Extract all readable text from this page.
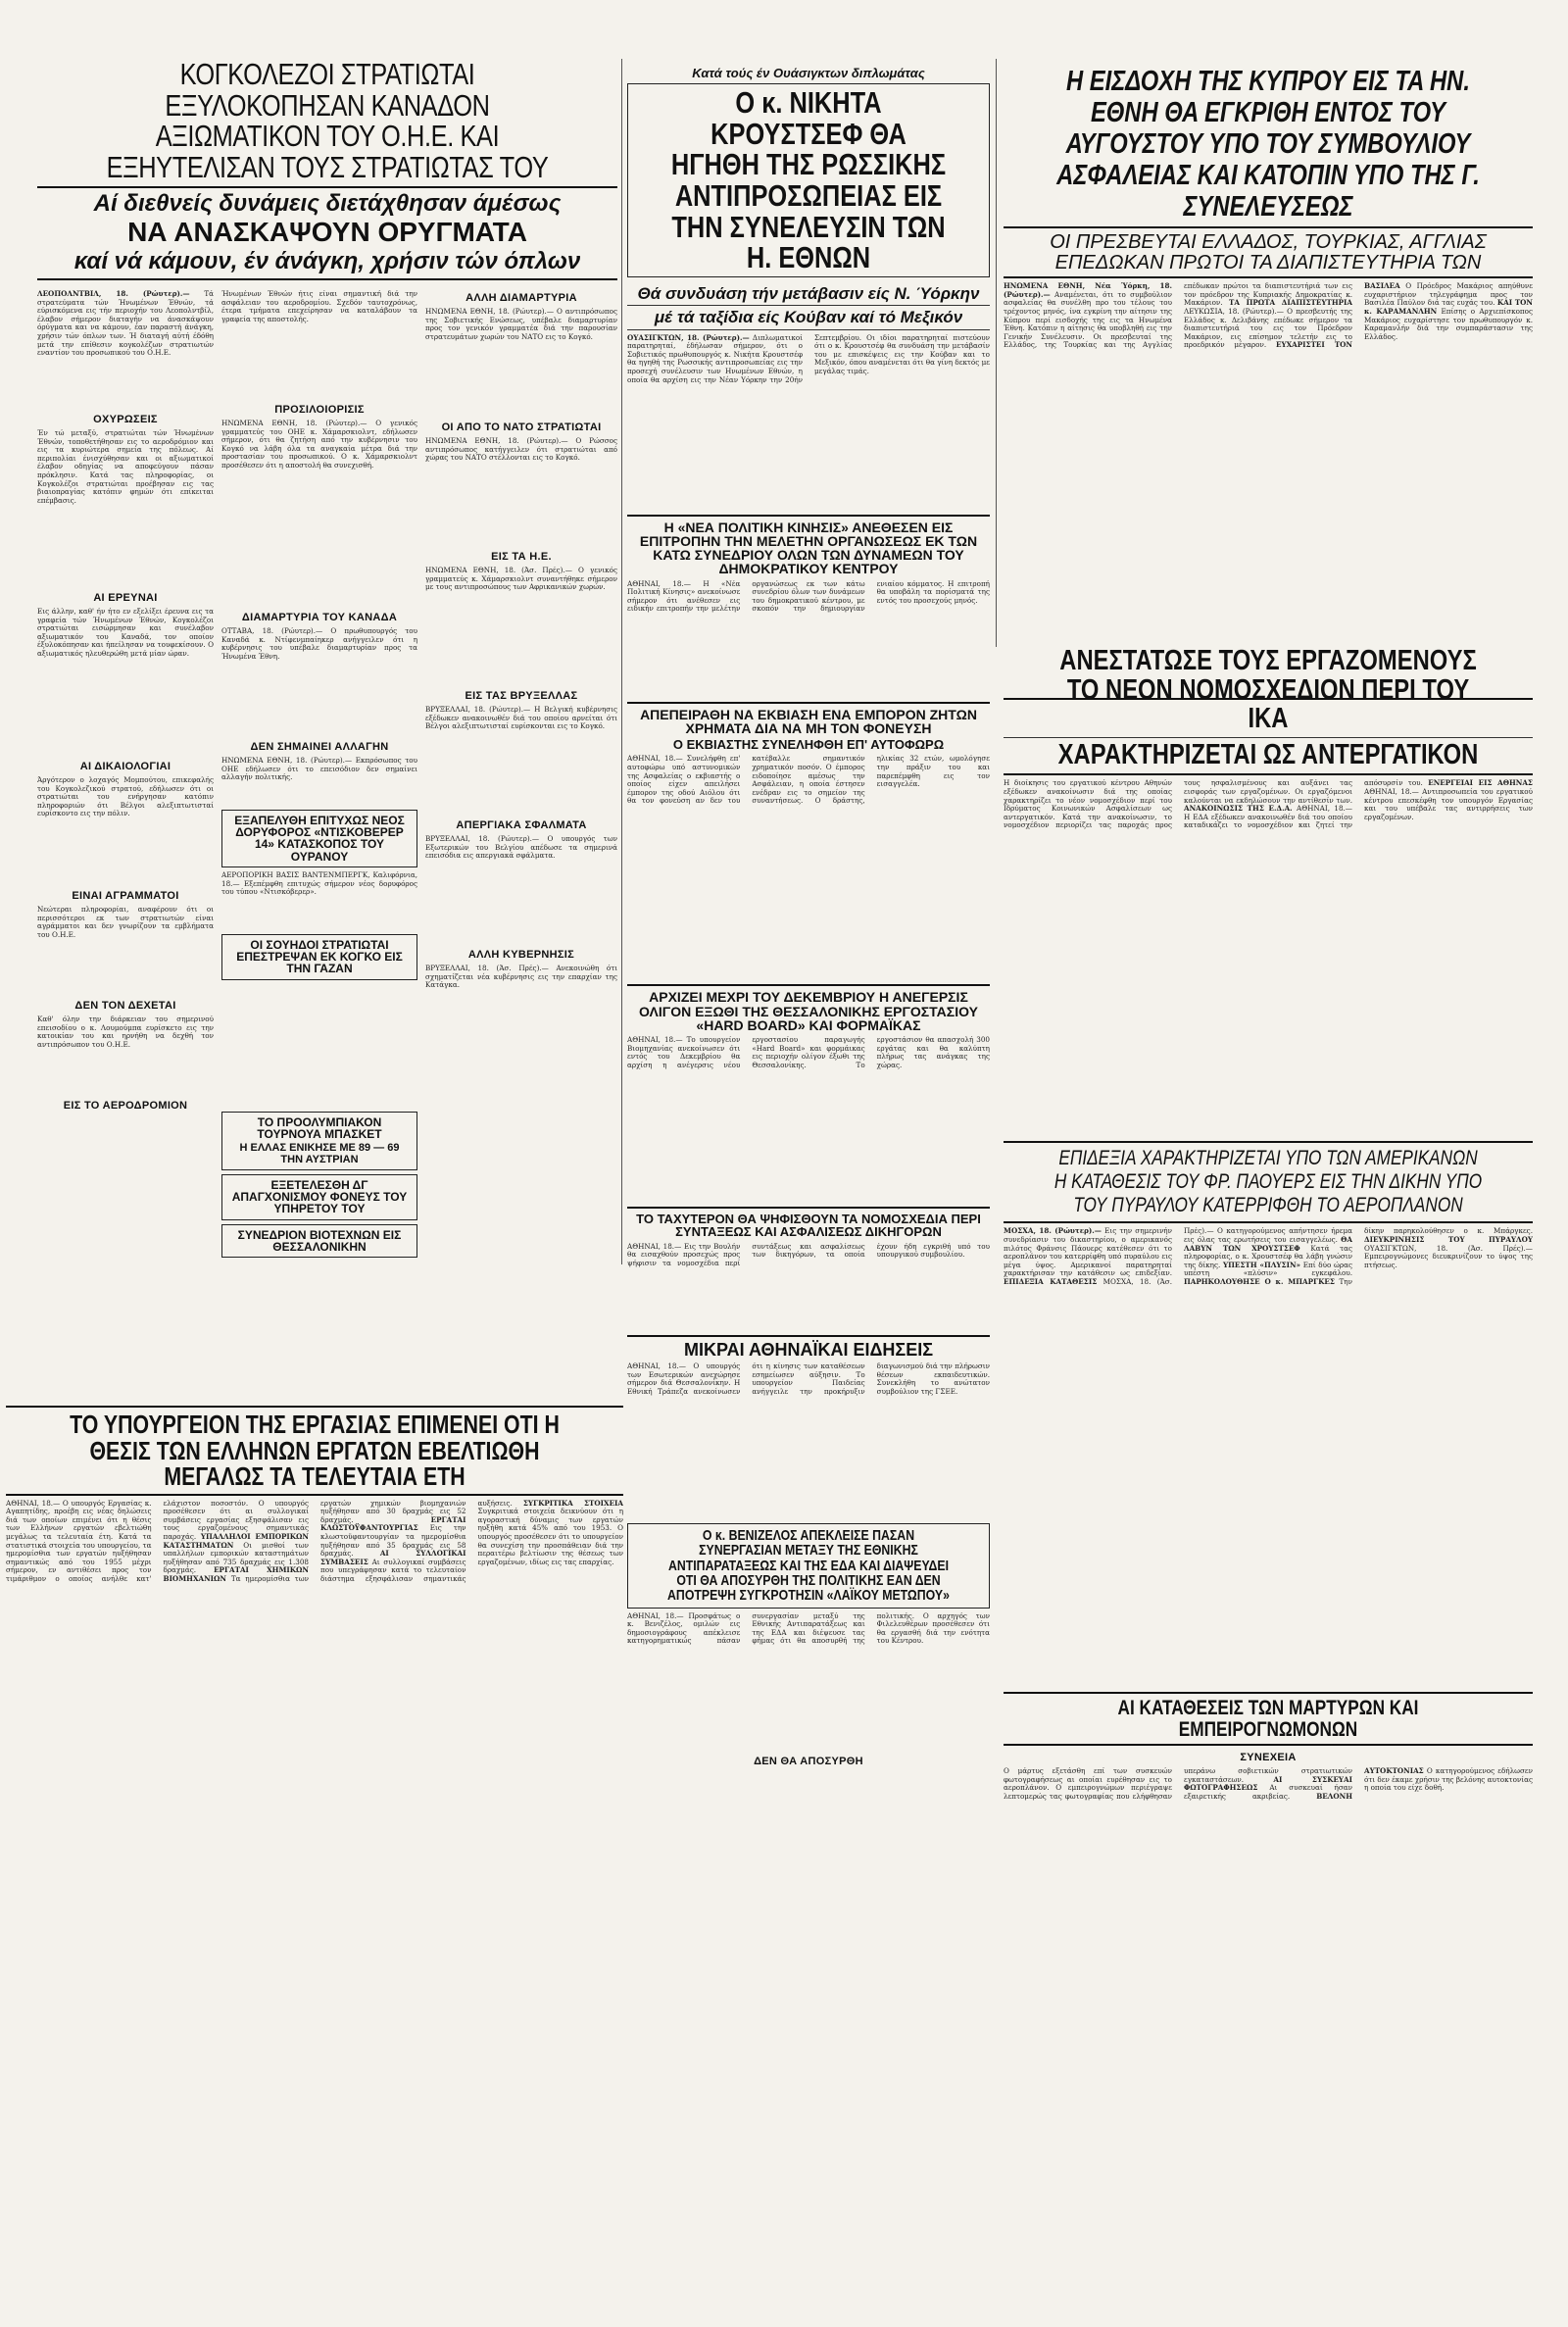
ΚΟΓΚΟΛΕΖΟΙ ΣΤΡΑΤΙΩΤΑΙ ΕΞΥΛΟΚΟΠΗΣΑΝ ΚΑΝΑΔΟΝ ΑΞΙΩΜΑΤΙΚΟΝ ΤΟΥ Ο.Η.Ε. ΚΑΙ ΕΞΗΥΤΕΛΙΣΑΝ ΤΟΥΣ ΣΤΡΑΤΙΩΤΑΣ ΤΟΥ
Αί διεθνείς δυνάμεις διετάχθησαν άμέσως
ΝΑ ΑΝΑΣΚΑΨΟΥΝ ΟΡΥΓΜΑΤΑ
καί νά κάμουν, έν άνάγκη, χρήσιν τών όπλων
ΛΕΟΠΟΛΝΤΒΙΛ, 18. (Ρώυτερ).— Τά στρατεύματα τών Ήνωμένων Έθνών, τά εύρισκόμενα εις τήν περιοχήν του Λεοπολντβίλ, έλαβον σήμερον διαταγήν να άνασκάψουν όρύγματα και να κάμουν, έαν παραστή άνάγκη, χρήσιν τών όπλων των. Ή διαταγή αύτή έδόθη μετά την επίθεσιν κογκολέζων στρατιωτών εναντίον του προσωπικού του Ο.Η.Ε.
ΟΧΥΡΩΣΕΙΣ
Έν τώ μεταξύ, στρατιώται τών Ήνωμένων Έθνών, τοποθετήθησαν εις το αεροδρόμιον και εις τα κυριώτερα σημεία της πόλεως. Αί περιπολίαι ένισχύθησαν και οι αξιωματικοί έλαβον οδηγίας να αποφεύγουν πάσαν πρόκλησιν. Κατά τας πληροφορίας, οι Κογκολέζοι στρατιώται προέβησαν εις τας βιαιοπραγίας κατόπιν φημών ότι επίκειται επέμβασις.
ΑΙ ΕΡΕΥΝΑΙ
Εις άλλην, καθ' ήν ήτο εν εξελίξει έρευνα εις τα γραφεία τών Ήνωμένων Έθνών, Κογκολέζοι στρατιώται εισώρμησαν και συνέλαβον αξιωματικόν του Καναδά, τον οποίον έξυλοκόπησαν και ήπείλησαν να τουφεκίσουν. Ο αξιωματικός ηλευθερώθη μετά μίαν ώραν.
ΑΙ ΔΙΚΑΙΟΛΟΓΙΑΙ
Άργότερον ο λοχαγός Μομπούτου, επικεφαλής του Κογκολεζικού στρατού, εδήλωσεν ότι οι στρατιώται του ενήργησαν κατόπιν πληροφοριών ότι Βέλγοι αλεξιπτωτισταί ευρίσκοντο εις την πόλιν.
ΕΙΝΑΙ ΑΓΡΑΜΜΑΤΟΙ
Νεώτεραι πληροφορίαι, αναφέρουν ότι οι περισσότεροι εκ των στρατιωτών είναι αγράμματοι και δεν γνωρίζουν τα εμβλήματα του Ο.Η.Ε.
ΔΕΝ ΤΟΝ ΔΕΧΕΤΑΙ
Καθ' όλην την διάρκειαν του σημερινού επεισοδίου ο κ. Λουμούμπα ευρίσκετο εις την κατοικίαν του και ηρνήθη να δεχθή τον αντιπρόσωπον του Ο.Η.Ε.
ΕΙΣ ΤΟ ΑΕΡΟΔΡΟΜΙΟΝ
Ήνωμένων Έθνών ήτις είναι σημαντική διά την ασφάλειαν του αεροδρομίου. Σχεδόν ταυτοχρόνως, έτερα τμήματα επεχείρησαν να καταλάβουν τα γραφεία της αποστολής.
ΠΡΟΣΙΛΟΙΟΡΙΣΙΣ
ΗΝΩΜΕΝΑ ΕΘΝΗ, 18. (Ρώυτερ).— Ο γενικός γραμματεύς του ΟΗΕ κ. Χάμαρσκιολντ, εδήλωσεν σήμερον, ότι θα ζητήση από την κυβέρνησιν του Κογκό να λάβη όλα τα αναγκαία μέτρα διά την προστασίαν του προσωπικού. Ο κ. Χάμαρσκιολντ προσέθεσεν ότι η αποστολή θα συνεχισθή.
ΔΙΑΜΑΡΤΥΡΙΑ ΤΟΥ ΚΑΝΑΔΑ
ΟΤΤΑΒΑ, 18. (Ρώυτερ).— Ο πρωθυπουργός του Καναδά κ. Ντίφενμπαίηκερ ανήγγειλεν ότι η κυβέρνησις του υπέβαλε διαμαρτυρίαν προς τα Ήνωμένα Έθνη.
ΔΕΝ ΣΗΜΑΙΝΕΙ ΑΛΛΑΓΗΝ
ΗΝΩΜΕΝΑ ΕΘΝΗ, 18. (Ρώυτερ).— Εκπρόσωπος του ΟΗΕ εδήλωσεν ότι το επεισόδιον δεν σημαίνει αλλαγήν πολιτικής.
ΕΞΑΠΕΛΥΘΗ ΕΠΙΤΥΧΩΣ ΝΕΟΣ ΔΟΡΥΦΟΡΟΣ «ΝΤΙΣΚΟΒΕΡΕΡ 14» ΚΑΤΑΣΚΟΠΟΣ ΤΟΥ ΟΥΡΑΝΟΥ
ΑΕΡΟΠΟΡΙΚΗ ΒΑΣΙΣ ΒΑΝΤΕΝΜΠΕΡΓΚ, Καλιφόρνια, 18.— Εξεπέμφθη επιτυχώς σήμερον νέος δορυφόρος του τύπου «Ντισκόβερερ».
ΟΙ ΣΟΥΗΔΟΙ ΣΤΡΑΤΙΩΤΑΙ ΕΠΕΣΤΡΕΨΑΝ ΕΚ ΚΟΓΚΟ ΕΙΣ ΤΗΝ ΓΑΖΑΝ
ΤΟ ΠΡΟΟΛΥΜΠΙΑΚΟΝ ΤΟΥΡΝΟΥΑ ΜΠΑΣΚΕΤ
Η ΕΛΛΑΣ ΕΝΙΚΗΣΕ ΜΕ 89 — 69 ΤΗΝ ΑΥΣΤΡΙΑΝ
ΕΞΕΤΕΛΕΣΘΗ ΔΓ ΑΠΑΓΧΟΝΙΣΜΟΥ ΦΟΝΕΥΣ ΤΟΥ ΥΠΗΡΕΤΟΥ ΤΟΥ
ΣΥΝΕΔΡΙΟΝ ΒΙΟΤΕΧΝΩΝ ΕΙΣ ΘΕΣΣΑΛΟΝΙΚΗΝ
Κατά τούς έν Ουάσιγκτων διπλωμάτας
Ο κ. ΝΙΚΗΤΑ ΚΡΟΥΣΤΣΕΦ ΘΑ ΗΓΗΘΗ ΤΗΣ ΡΩΣΣΙΚΗΣ ΑΝΤΙΠΡΟΣΩΠΕΙΑΣ ΕΙΣ ΤΗΝ ΣΥΝΕΛΕΥΣΙΝ ΤΩΝ Η. ΕΘΝΩΝ
Θά συνδυάση τήν μετάβασιν είς Ν. Ύόρκην
μέ τά ταξίδια είς Κούβαν καί τό Μεξικόν
ΟΥΑΣΙΓΚΤΩΝ, 18. (Ρώυτερ).— Διπλωματικοί παρατηρηταί, έδήλωσαν σήμερον, ότι ο Σοβιετικός πρωθυπουργός κ. Νικήτα Κρουστσέφ θα ηγηθή της Ρωσσικής αντιπροσωπείας εις την προσεχή συνέλευσιν των Ηνωμένων Εθνών, η οποία θα αρχίση εις την Νέαν Υόρκην την 20ήν Σεπτεμβρίου. Οι ιδίοι παρατηρηταί πιστεύουν ότι ο κ. Κρουστσέφ θα συνδυάση την μετάβασίν του με επισκέψεις εις την Κούβαν και το Μεξικόν, όπου αναμένεται ότι θα γίνη δεκτός με μεγάλας τιμάς.
Η «ΝΕΑ ΠΟΛΙΤΙΚΗ ΚΙΝΗΣΙΣ» ΑΝΕΘΕΣΕΝ ΕΙΣ ΕΠΙΤΡΟΠΗΝ ΤΗΝ ΜΕΛΕΤΗΝ ΟΡΓΑΝΩΣΕΩΣ ΕΚ ΤΩΝ ΚΑΤΩ ΣΥΝΕΔΡΙΟΥ ΟΛΩΝ ΤΩΝ ΔΥΝΑΜΕΩΝ ΤΟΥ ΔΗΜΟΚΡΑΤΙΚΟΥ ΚΕΝΤΡΟΥ
ΑΘΗΝΑΙ, 18.— Η «Νέα Πολιτική Κίνησις» ανεκοίνωσε σήμερον ότι ανέθεσεν εις ειδικήν επιτροπήν την μελέτην οργανώσεως εκ των κάτω συνεδρίου όλων των δυνάμεων του δημοκρατικού κέντρου, με σκοπόν την δημιουργίαν ενιαίου κόμματος. Η επιτροπή θα υποβάλη τα πορίσματά της εντός του προσεχούς μηνός.
ΑΠΕΠΕΙΡΑΘΗ ΝΑ ΕΚΒΙΑΣΗ ΕΝΑ ΕΜΠΟΡΟΝ ΖΗΤΩΝ ΧΡΗΜΑΤΑ ΔΙΑ ΝΑ ΜΗ ΤΟΝ ΦΟΝΕΥΣΗ
Ο ΕΚΒΙΑΣΤΗΣ ΣΥΝΕΛΗΦΘΗ ΕΠ' ΑΥΤΟΦΩΡΩ
ΑΘΗΝΑΙ, 18.— Συνελήφθη επ' αυτοφώρω υπό αστυνομικών της Ασφαλείας ο εκβιαστής ο οποίος είχεν απειλήσει έμπορον της οδού Αιόλου ότι θα τον φονεύση αν δεν του κατέβαλλε σημαντικόν χρηματικόν ποσόν. Ο έμπορος ειδοποίησε αμέσως την Ασφάλειαν, η οποία έστησεν ενέδραν εις το σημείον της συναντήσεως. Ο δράστης, ηλικίας 32 ετών, ωμολόγησε την πράξιν του και παρεπέμφθη εις τον εισαγγελέα.
ΑΡΧΙΖΕΙ ΜΕΧΡΙ ΤΟΥ ΔΕΚΕΜΒΡΙΟΥ Η ΑΝΕΓΕΡΣΙΣ ΟΛΙΓΟΝ ΕΞΩΘΙ ΤΗΣ ΘΕΣΣΑΛΟΝΙΚΗΣ ΕΡΓΟΣΤΑΣΙΟΥ «HARD BOARD» ΚΑΙ ΦΟΡΜΑΪΚΑΣ
ΑΘΗΝΑΙ, 18.— Το υπουργείον Βιομηχανίας ανεκοίνωσεν ότι εντός του Δεκεμβρίου θα αρχίση η ανέγερσις νέου εργοστασίου παραγωγής «Hard Board» και φορμάικας εις περιοχήν ολίγον έξωθι της Θεσσαλονίκης. Το εργοστάσιον θα απασχολή 300 εργάτας και θα καλύπτη πλήρως τας ανάγκας της χώρας.
ΤΟ ΤΑΧΥΤΕΡΟΝ ΘΑ ΨΗΦΙΣΘΟΥΝ ΤΑ ΝΟΜΟΣΧΕΔΙΑ ΠΕΡΙ ΣΥΝΤΑΞΕΩΣ ΚΑΙ ΑΣΦΑΛΙΣΕΩΣ ΔΙΚΗΓΟΡΩΝ
ΑΘΗΝΑΙ, 18.— Εις την Βουλήν θα εισαχθούν προσεχώς προς ψήφισιν τα νομοσχέδια περί συντάξεως και ασφαλίσεως των δικηγόρων, τα οποία έχουν ήδη εγκριθή υπό του υπουργικού συμβουλίου.
ΜΙΚΡΑΙ ΑΘΗΝΑΪΚΑΙ ΕΙΔΗΣΕΙΣ
ΑΘΗΝΑΙ, 18.— Ο υπουργός των Εσωτερικών ανεχώρησε σήμερον διά Θεσσαλονίκην. Η Εθνική Τράπεζα ανεκοίνωσεν ότι η κίνησις των καταθέσεων εσημείωσεν αύξησιν. Το υπουργείον Παιδείας ανήγγειλε την προκήρυξιν διαγωνισμού διά την πλήρωσιν θέσεων εκπαιδευτικών. Συνεκλήθη το ανώτατον συμβούλιον της ΓΣΕΕ.
Ο κ. ΒΕΝΙΖΕΛΟΣ ΑΠΕΚΛΕΙΣΕ ΠΑΣΑΝ ΣΥΝΕΡΓΑΣΙΑΝ ΜΕΤΑΞΥ ΤΗΣ ΕΘΝΙΚΗΣ ΑΝΤΙΠΑΡΑΤΑΞΕΩΣ ΚΑΙ ΤΗΣ ΕΔΑ ΚΑΙ ΔΙΑΨΕΥΔΕΙ ΟΤΙ ΘΑ ΑΠΟΣΥΡΘΗ ΤΗΣ ΠΟΛΙΤΙΚΗΣ ΕΑΝ ΔΕΝ ΑΠΟΤΡΕΨΗ ΣΥΓΚΡΟΤΗΣΙΝ «ΛΑΪΚΟΥ ΜΕΤΩΠΟΥ»
ΑΘΗΝΑΙ, 18.— Προσφάτως ο κ. Βενιζέλος, ομιλών εις δημοσιογράφους απέκλεισε κατηγορηματικώς πάσαν συνεργασίαν μεταξύ της Εθνικής Αντιπαρατάξεως και της ΕΔΑ και διέψευσε τας φήμας ότι θα αποσυρθή της πολιτικής. Ο αρχηγός των Φιλελευθέρων προσέθεσεν ότι θα εργασθή διά την ενότητα του Κέντρου.
ΔΕΝ ΘΑ ΑΠΟΣΥΡΘΗ
ΑΛΛΗ ΔΙΑΜΑΡΤΥΡΙΑ
ΗΝΩΜΕΝΑ ΕΘΝΗ, 18. (Ρώυτερ).— Ο αντιπρόσωπος της Σοβιετικής Ενώσεως, υπέβαλε διαμαρτυρίαν προς τον γενικόν γραμματέα διά την παρουσίαν στρατευμάτων χωρών του ΝΑΤΟ εις το Κογκό.
ΟΙ ΑΠΟ ΤΟ ΝΑΤΟ ΣΤΡΑΤΙΩΤΑΙ
ΗΝΩΜΕΝΑ ΕΘΝΗ, 18. (Ρώυτερ).— Ο Ρώσσος αντιπρόσωπος κατήγγειλεν ότι στρατιώται από χώρας του ΝΑΤΟ στέλλονται εις το Κογκό.
ΕΙΣ ΤΑ Η.Ε.
ΗΝΩΜΕΝΑ ΕΘΝΗ, 18. (Άσ. Πρές).— Ο γενικός γραμματεύς κ. Χάμαρσκιολντ συναντήθηκε σήμερον με τους αντιπροσώπους των Αφρικανικών χωρών.
ΕΙΣ ΤΑΣ ΒΡΥΞΕΛΛΑΣ
ΒΡΥΞΕΛΛΑΙ, 18. (Ρώυτερ).— Η Βελγική κυβέρνησις εξέδωκεν ανακοινωθέν διά του οποίου αρνείται ότι Βέλγοι αλεξιπτωτισταί ευρίσκονται εις το Κογκό.
ΑΠΕΡΓΙΑΚΑ ΣΦΑΛΜΑΤΑ
ΒΡΥΞΕΛΛΑΙ, 18. (Ρώυτερ).— Ο υπουργός των Εξωτερικών του Βελγίου απέδωσε τα σημερινά επεισόδια εις απεργιακά σφάλματα.
ΑΛΛΗ ΚΥΒΕΡΝΗΣΙΣ
ΒΡΥΞΕΛΛΑΙ, 18. (Άσ. Πρές).— Ανεκοινώθη ότι σχηματίζεται νέα κυβέρνησις εις την επαρχίαν της Κατάγκα.
Η ΕΙΣΔΟΧΗ ΤΗΣ ΚΥΠΡΟΥ ΕΙΣ ΤΑ ΗΝ. ΕΘΝΗ ΘΑ ΕΓΚΡΙΘΗ ΕΝΤΟΣ ΤΟΥ ΑΥΓΟΥΣΤΟΥ ΥΠΟ ΤΟΥ ΣΥΜΒΟΥΛΙΟΥ ΑΣΦΑΛΕΙΑΣ ΚΑΙ ΚΑΤΟΠΙΝ ΥΠΟ ΤΗΣ Γ. ΣΥΝΕΛΕΥΣΕΩΣ
ΟΙ ΠΡΕΣΒΕΥΤΑΙ ΕΛΛΑΔΟΣ, ΤΟΥΡΚΙΑΣ, ΑΓΓΛΙΑΣ ΕΠΕΔΩΚΑΝ ΠΡΩΤΟΙ ΤΑ ΔΙΑΠΙΣΤΕΥΤΗΡΙΑ ΤΩΝ
ΗΝΩΜΕΝΑ ΕΘΝΗ, Νέα Ύόρκη, 18. (Ρώυτερ).— Αναμένεται, ότι το συμβούλιον ασφαλείας θα συνέλθη προ του τέλους του τρέχοντος μηνός, ίνα εγκρίνη την αίτησιν της Κύπρου περί εισδοχής της εις τα Ηνωμένα Έθνη. Κατόπιν η αίτησις θα υποβληθή εις την Γενικήν Συνέλευσιν. Οι πρεσβευταί της Ελλάδος, της Τουρκίας και της Αγγλίας επέδωκαν πρώτοι τα διαπιστευτήριά των εις τον πρόεδρον της Κυπριακής Δημοκρατίας κ. Μακάριον. ΤΑ ΠΡΩΤΑ ΔΙΑΠΙΣΤΕΥΤΗΡΙΑ ΛΕΥΚΩΣΙΑ, 18. (Ρώυτερ).— Ο πρεσβευτής της Ελλάδος κ. Δελιβάνης επέδωκε σήμερον τα διαπιστευτήριά του εις τον Πρόεδρον Μακάριον, εις επίσημον τελετήν εις το προεδρικόν μέγαρον. ΕΥΧΑΡΙΣΤΕΙ ΤΟΝ ΒΑΣΙΛΕΑ Ο Πρόεδρος Μακάριος απηύθυνε ευχαριστήριον τηλεγράφημα προς τον Βασιλέα Παύλον διά τας ευχάς του. ΚΑΙ ΤΟΝ κ. ΚΑΡΑΜΑΝΛΗΝ Επίσης ο Αρχιεπίσκοπος Μακάριος ευχαρίστησε τον πρωθυπουργόν κ. Καραμανλήν διά την συμπαράστασιν της Ελλάδος.
ΑΝΕΣΤΑΤΩΣΕ ΤΟΥΣ ΕΡΓΑΖΟΜΕΝΟΥΣ ΤΟ ΝΕΟΝ ΝΟΜΟΣΧΕΔΙΟΝ ΠΕΡΙ ΤΟΥ ΙΚΑ
ΧΑΡΑΚΤΗΡΙΖΕΤΑΙ ΩΣ ΑΝΤΕΡΓΑΤΙΚΟΝ
Η διοίκησις του εργατικού κέντρου Αθηνών εξέδωκεν ανακοίνωσιν διά της οποίας χαρακτηρίζει το νέον νομοσχέδιον περί του Ιδρύματος Κοινωνικών Ασφαλίσεων ως αντεργατικόν. Κατά την ανακοίνωσιν, το νομοσχέδιον περιορίζει τας παροχάς προς τους ησφαλισμένους και αυξάνει τας εισφοράς των εργαζομένων. Οι εργαζόμενοι καλούνται να εκδηλώσουν την αντίθεσίν των. ΑΝΑΚΟΙΝΩΣΙΣ ΤΗΣ Ε.Δ.Α. ΑΘΗΝΑΙ, 18.— Η ΕΔΑ εξέδωκεν ανακοινωθέν διά του οποίου καταδικάζει το νομοσχέδιον και ζητεί την απόσυρσίν του. ΕΝΕΡΓΕΙΑΙ ΕΙΣ ΑΘΗΝΑΣ ΑΘΗΝΑΙ, 18.— Αντιπροσωπεία του εργατικού κέντρου επεσκέφθη τον υπουργόν Εργασίας και του υπέβαλε τας αντιρρήσεις των εργαζομένων.
ΕΠΙΔΕΞΙΑ ΧΑΡΑΚΤΗΡΙΖΕΤΑΙ ΥΠΟ ΤΩΝ ΑΜΕΡΙΚΑΝΩΝ Η ΚΑΤΑΘΕΣΙΣ ΤΟΥ ΦΡ. ΠΑΟΥΕΡΣ ΕΙΣ ΤΗΝ ΔΙΚΗΝ ΥΠΟ ΤΟΥ ΠΥΡΑΥΛΟΥ ΚΑΤΕΡΡΙΦΘΗ ΤΟ ΑΕΡΟΠΛΑΝΟΝ
ΜΟΣΧΑ, 18. (Ρώυτερ).— Εις την σημερινήν συνεδρίασιν του δικαστηρίου, ο αμερικανός πιλότος Φράνσις Πάουερς κατέθεσεν ότι το αεροπλάνον του κατερρίφθη υπό πυραύλου εις μέγα ύψος. Αμερικανοί παρατηρηταί χαρακτήρισαν την κατάθεσιν ως επιδεξίαν. ΕΠΙΔΕΞΙΑ ΚΑΤΑΘΕΣΙΣ ΜΟΣΧΑ, 18. (Άσ. Πρές).— Ο κατηγορούμενος απήντησεν ήρεμα εις όλας τας ερωτήσεις του εισαγγελέως. ΘΑ ΛΑΒΥΝ ΤΩΝ ΧΡΟΥΣΤΣΕΦ Κατά τας πληροφορίας, ο κ. Χρουστσέφ θα λάβη γνώσιν της δίκης. ΥΠΕΣΤΗ «ΠΛΥΣΙΝ» Επί δύο ώρας υπέστη «πλύσιν» εγκεφάλου. ΠΑΡΗΚΟΛΟΥΘΗΣΕ Ο κ. ΜΠΑΡΓΚΕΣ Την δίκην παρηκολούθησεν ο κ. Μπάργκες. ΔΙΕΥΚΡΙΝΗΣΙΣ ΤΟΥ ΠΥΡΑΥΛΟΥ ΟΥΑΣΙΓΚΤΩΝ, 18. (Άσ. Πρές).— Εμπειρογνώμονες διευκρινίζουν το ύψος της πτήσεως.
ΑΙ ΚΑΤΑΘΕΣΕΙΣ ΤΩΝ ΜΑΡΤΥΡΩΝ ΚΑΙ ΕΜΠΕΙΡΟΓΝΩΜΟΝΩΝ
ΣΥΝΕΧΕΙΑ
Ο μάρτυς εξετάσθη επί των συσκευών φωτογραφήσεως αι οποίαι ευρέθησαν εις το αεροπλάνον. Ο εμπειρογνώμων περιέγραψε λεπτομερώς τας φωτογραφίας που ελήφθησαν υπεράνω σοβιετικών στρατιωτικών εγκαταστάσεων. ΑΙ ΣΥΣΚΕΥΑΙ ΦΩΤΟΓΡΑΦΗΣΕΩΣ Αι συσκευαί ήσαν εξαιρετικής ακριβείας. ΒΕΛΟΝΗ ΑΥΤΟΚΤΟΝΙΑΣ Ο κατηγορούμενος εδήλωσεν ότι δεν έκαμε χρήσιν της βελόνης αυτοκτονίας η οποία του είχε δοθή.
ΤΟ ΥΠΟΥΡΓΕΙΟΝ ΤΗΣ ΕΡΓΑΣΙΑΣ ΕΠΙΜΕΝΕΙ ΟΤΙ Η ΘΕΣΙΣ ΤΩΝ ΕΛΛΗΝΩΝ ΕΡΓΑΤΩΝ ΕΒΕΛΤΙΩΘΗ ΜΕΓΑΛΩΣ ΤΑ ΤΕΛΕΥΤΑΙΑ ΕΤΗ
ΑΘΗΝΑΙ, 18.— Ο υπουργός Εργασίας κ. Αγαπητίδης, προέβη εις νέας δηλώσεις διά των οποίων επιμένει ότι η θέσις των Ελλήνων εργατών εβελτιώθη μεγάλως τα τελευταία έτη. Κατά τα στατιστικά στοιχεία του υπουργείου, τα ημερομίσθια των εργατών ηυξήθησαν σημαντικώς από του 1955 μέχρι σήμερον, εν αντιθέσει προς τον τιμάριθμον ο οποίος ανήλθε κατ' ελάχιστον ποσοστόν. Ο υπουργός προσέθεσεν ότι αι συλλογικαί συμβάσεις εργασίας εξησφάλισαν εις τους εργαζομένους σημαντικάς παροχάς. ΥΠΑΛΛΗΛΟΙ ΕΜΠΟΡΙΚΩΝ ΚΑΤΑΣΤΗΜΑΤΩΝ Οι μισθοί των υπαλλήλων εμπορικών καταστημάτων ηυξήθησαν από 735 δραχμάς εις 1.308 δραχμάς. ΕΡΓΑΤΑΙ ΧΗΜΙΚΩΝ ΒΙΟΜΗΧΑΝΙΩΝ Τα ημερομίσθια των εργατών χημικών βιομηχανιών ηυξήθησαν από 30 δραχμάς εις 52 δραχμάς. ΕΡΓΑΤΑΙ ΚΛΩΣΤΟΫΦΑΝΤΟΥΡΓΙΑΣ Εις την κλωστοϋφαντουργίαν τα ημερομίσθια ηυξήθησαν από 35 δραχμάς εις 58 δραχμάς. ΑΙ ΣΥΛΛΟΓΙΚΑΙ ΣΥΜΒΑΣΕΙΣ Αι συλλογικαί συμβάσεις που υπεγράφησαν κατά το τελευταίον διάστημα εξησφάλισαν σημαντικάς αυξήσεις. ΣΥΓΚΡΙΤΙΚΑ ΣΤΟΙΧΕΙΑ Συγκριτικά στοιχεία δεικνύουν ότι η αγοραστική δύναμις των εργατών ηυξήθη κατά 45% από του 1953. Ο υπουργός προσέθεσεν ότι το υπουργείον θα συνεχίση την προσπάθειαν διά την περαιτέρω βελτίωσιν της θέσεως των εργαζομένων, ιδίως εις τας επαρχίας.
